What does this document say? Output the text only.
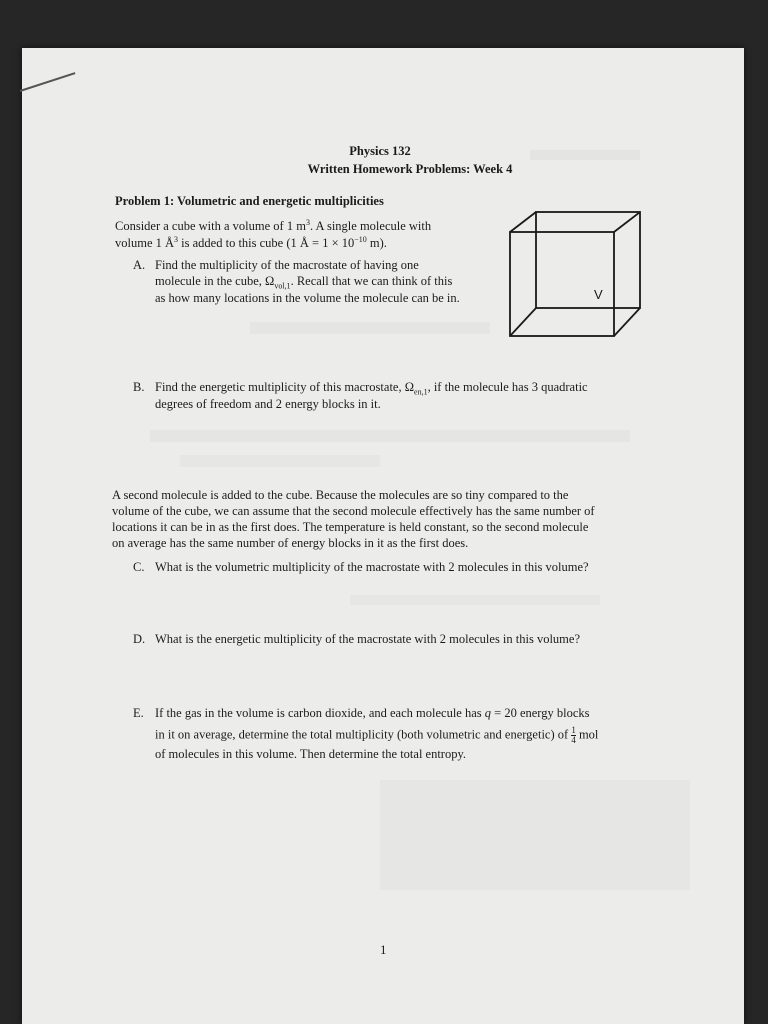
Physics 132
Written Homework Problems: Week 4
Problem 1: Volumetric and energetic multiplicities
Consider a cube with a volume of 1 $m^3$. A single molecule with
volume 1 $Å^3$ is added to this cube (1 Å = $1 \times 10^{-10}$ m).
A. Find the multiplicity of the macrostate of having one
molecule in the cube, $\Omega_{vol,1}$. Recall that we can think of this
as how many locations in the volume the molecule can be in.	V
B. Find the energetic multiplicity of this macrostate, $\Omega_{en,1}$, if the molecule has 3 quadratic
degrees of freedom and 2 energy blocks in it.
A second molecule is added to the cube. Because the molecules are so tiny compared to the
volume of the cube, we can assume that the second molecule effectively has the same number of
locations it can be in as the first does. The temperature is held constant, so the second molecule
on average has the same number of energy blocks in it as the first does.
C. What is the volumetric multiplicity of the macrostate with 2 molecules in this volume?
D. What is the energetic multiplicity of the macrostate with 2 molecules in this volume?
E. If the gas in the volume is carbon dioxide, and each molecule has q = 20 energy blocks
in it on average, determine the total multiplicity (both volumetric and energetic) of $\frac{1}{4}$ mol
of molecules in this volume. Then determine the total entropy.
1
